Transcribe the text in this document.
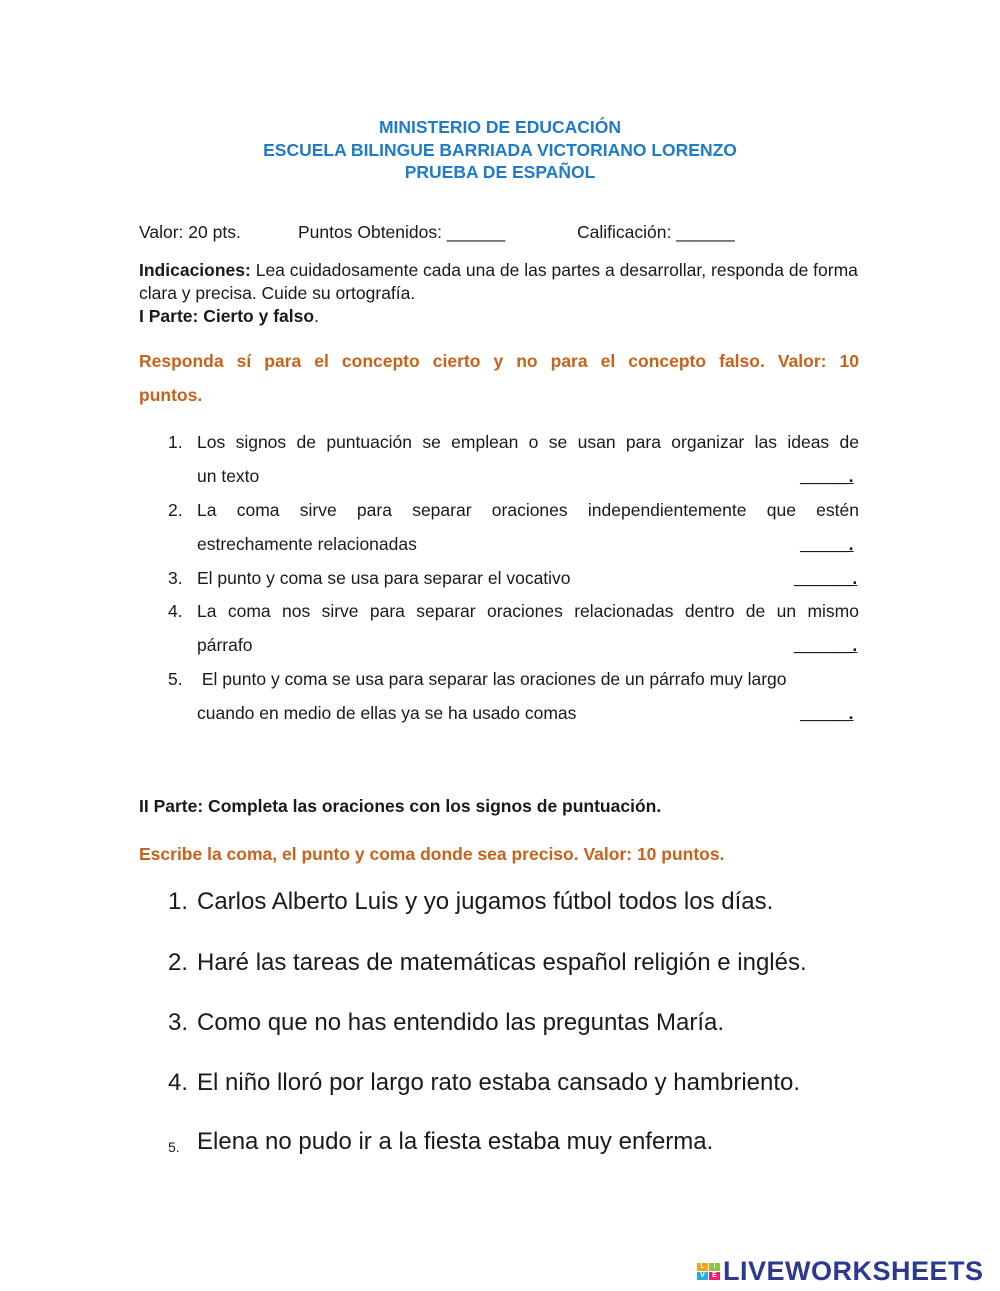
MINISTERIO DE EDUCACIÓN
ESCUELA BILINGUE BARRIADA VICTORIANO LORENZO
PRUEBA DE ESPAÑOL
Valor: 20 pts.	Puntos Obtenidos: ______	Calificación: ______
Indicaciones: Lea cuidadosamente cada una de las partes a desarrollar, responda de forma clara y precisa. Cuide su ortografía.
I Parte: Cierto y falso.
Responda sí para el concepto cierto y no para el concepto falso. Valor: 10
puntos.
1. Los signos de puntuación se emplean o se usan para organizar las ideas de
un texto	_____.
2. La coma sirve para separar oraciones independientemente que estén
estrechamente relacionadas	_____.
3. El punto y coma se usa para separar el vocativo	______.
4. La coma nos sirve para separar oraciones relacionadas dentro de un mismo
párrafo	______.
5. El punto y coma se usa para separar las oraciones de un párrafo muy largo
cuando en medio de ellas ya se ha usado comas	_____.
II Parte: Completa las oraciones con los signos de puntuación.
Escribe la coma, el punto y coma donde sea preciso. Valor: 10 puntos.
1. Carlos Alberto Luis y yo jugamos fútbol todos los días.
2. Haré las tareas de matemáticas español religión e inglés.
3. Como que no has entendido las preguntas María.
4. El niño lloró por largo rato estaba cansado y hambriento.
5. Elena no pudo ir a la fiesta estaba muy enferma.
L	I
V	E LIVEWORKSHEETS
